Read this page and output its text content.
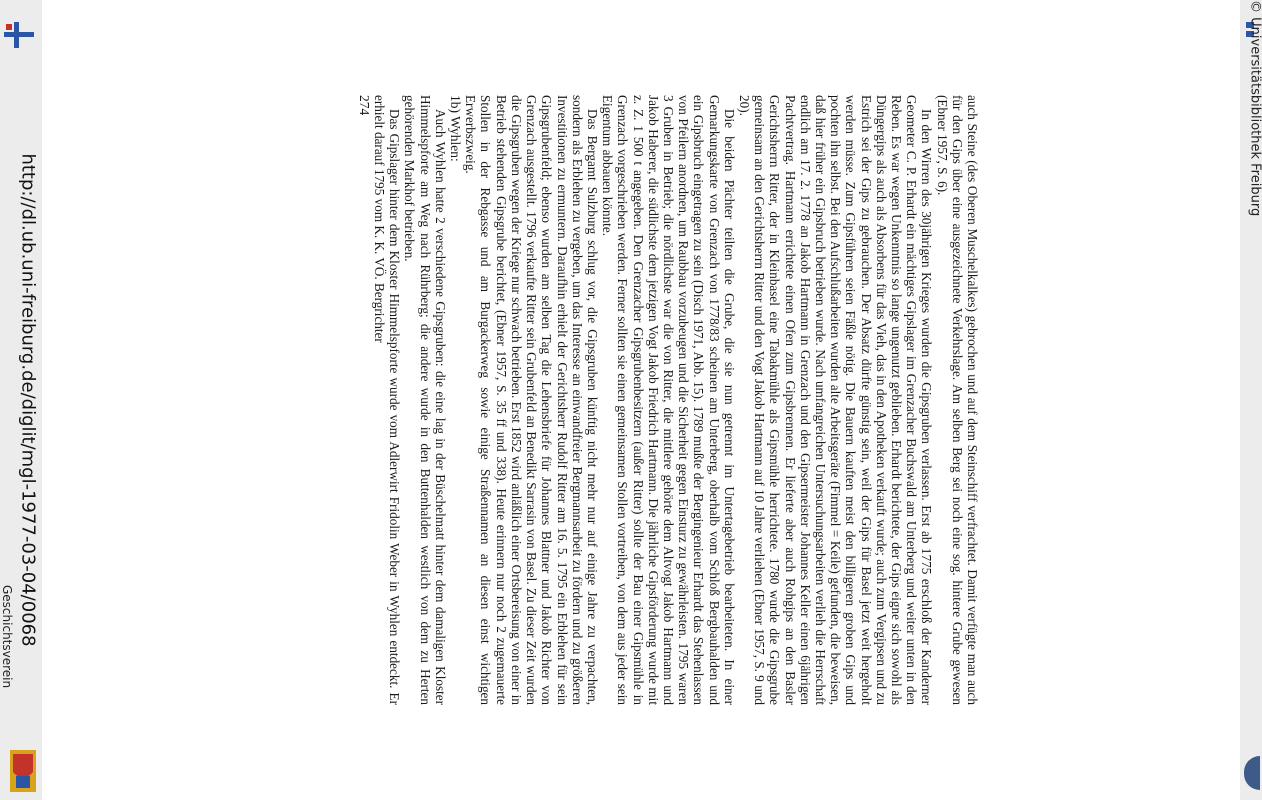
http://dl.ub.uni-freiburg.de/diglit/mgl-1977-03-04/0068
Geschichtsverein
© Universitätsbibliothek Freiburg

auch Steine (des Oberen Muschelkalkes) gebrochen und auf dem Steinschiff verfrachtet. Damit verfügte man auch für den Gips über eine ausgezeichnete Verkehrslage. Am selben Berg sei noch eine sog. hintere Grube gewesen (Ebner 1957, S. 6).

In den Wirren des 30jährigen Krieges wurden die Gipsgruben verlassen. Erst ab 1775 erschloß der Kanderner Geometer C. P. Erhardt ein mächtiges Gipslager im Grenzacher Buchswald am Unterberg und weiter unten in den Reben. Es war wegen Unkenntnis so lange ungenutzt geblieben. Erhardt berichtete, der Gips eigne sich sowohl als Düngergips als auch als Absorbens für das Vieh, das in den Apotheken verkauft wurde; auch zum Vergipsen und zu Estrich sei der Gips zu gebrauchen. Der Absatz dürfte günstig sein, weil der Gips für Basel jetzt weit hergeholt werden müsse. Zum Gipsführen seien Fäßle nötig. Die Bauern kauften meist den billigeren groben Gips und pochten ihn selbst. Bei den Aufschlußarbeiten wurden alte Arbeitsgeräte (Fimmel = Keile) gefunden, die beweisen, daß hier früher ein Gipsbruch betrieben wurde. Nach umfangreichen Untersuchungsarbeiten verlieh die Herrschaft endlich am 17. 2. 1778 an Jakob Hartmann in Grenzach und den Gipsermeister Johannes Keller einen 6jährigen Pachtvertrag. Hartmann errichtete einen Ofen zum Gipsbrennen. Er lieferte aber auch Rohgips an den Basler Gerichtsherrn Ritter, der in Kleinbasel eine Tabakmühle als Gipsmühle herrichtete. 1780 wurde die Gipsgrube gemeinsam an den Gerichtsherrn Ritter und den Vogt Jakob Hartmann auf 10 Jahre verliehen (Ebner 1957, S. 9 und 20).

Die beiden Pächter teilten die Grube, die sie nun getrennt im Untertagebetrieb bearbeiteten. In einer Gemarkungskarte von Grenzach von 1778/83 scheinen am Unterberg, oberhalb vom Schloß Bergbauhalden und ein Gipsbruch eingetragen zu sein (Disch 1971, Abb. 15). 1789 mußte der Bergingenieur Erhardt das Stehenlassen von Pfeilern anordnen, um Raubbau vorzubeugen und die Sicherheit gegen Einsturz zu gewährleisten. 1795 waren 3 Gruben in Betrieb; die nördlichste war die von Ritter, die mittlere gehörte dem Altvogt Jakob Hartmann und Jakob Haberer, die südlichste dem jetzigen Vogt Jakob Friedrich Hartmann. Die jährliche Gipsförderung wurde mit z. Z. 1 500 t angegeben. Den Grenzacher Gipsgrubenbesitzern (außer Ritter) sollte der Bau einer Gipsmühle in Grenzach vorgeschrieben werden. Ferner sollten sie einen gemeinsamen Stollen vortreiben, von dem aus jeder sein Eigentum abbauen könnte.

Das Bergamt Sulzburg schlug vor, die Gipsgruben künftig nicht mehr nur auf einige Jahre zu verpachten, sondern als Erblehen zu vergeben, um das Interesse an einwandfreier Bergmannsarbeit zu fördern und zu größeren Investitionen zu ermuntern. Daraufhin erhielt der Gerichtsherr Rudolf Ritter am 16. 5. 1795 ein Erblehen für sein Gipsgrubenfeld; ebenso wurden am selben Tag die Lehensbriefe für Johannes Blattner und Jakob Richter von Grenzach ausgestellt. 1796 verkaufte Ritter sein Grubenfeld an Benedikt Sarrasin von Basel. Zu dieser Zeit wurden die Gipsgruben wegen der Kriege nur schwach betrieben. Erst 1852 wird anläßlich einer Ortsbereisung von einer in Betrieb stehenden Gipsgrube berichtet, (Ebner 1957, S. 35 ff und 338). Heute erinnern nur noch 2 zugemauerte Stollen in der Rebgasse und am Burgackerweg sowie einige Straßennamen an diesen einst wichtigen Erwerbszweig.

1b) Wyhlen:

Auch Wyhlen hatte 2 verschiedene Gipsgruben: die eine lag in der Büschelmatt hinter dem damaligen Kloster Himmelspforte am Weg nach Rührberg; die andere wurde in den Buttenhalden westlich von dem zu Herten gehörenden Markhof betrieben.

Das Gipslager hinter dem Kloster Himmelspforte wurde vom Adlerwirt Fridolin Weber in Wyhlen entdeckt. Er erhielt darauf 1795 vom K. K. VÖ. Bergrichter

274
